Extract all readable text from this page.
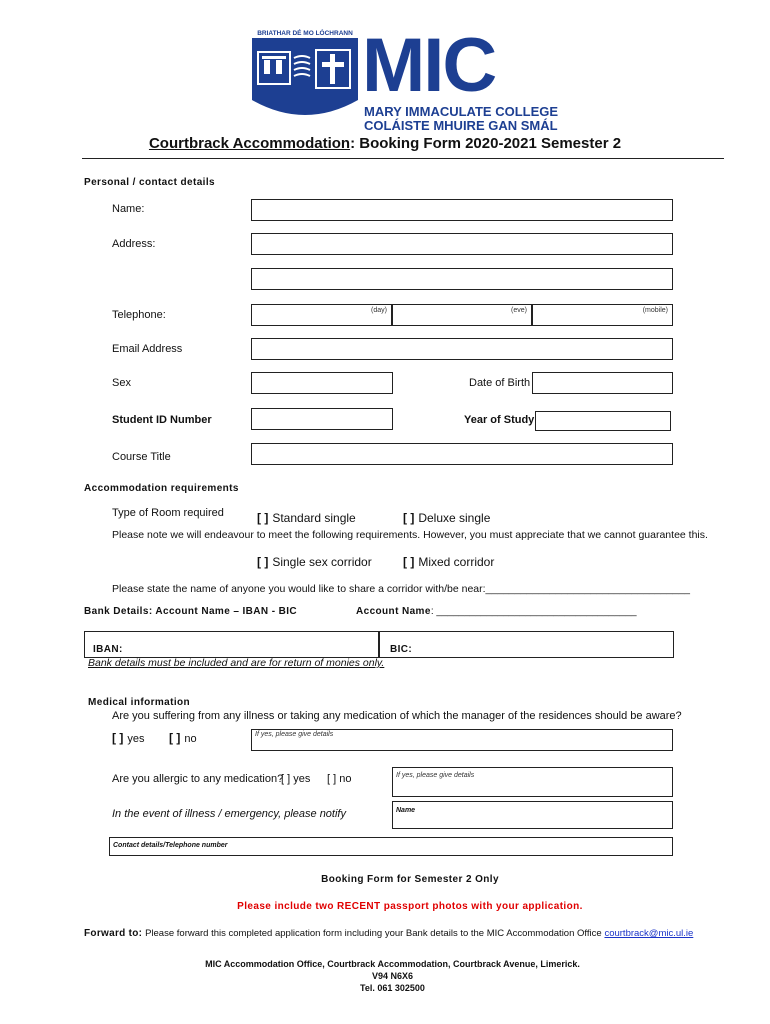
BRIATHAR DÉ MO LÓCHRANN MIC
MARY IMMACULATE COLLEGE
COLÁISTE MHUIRE GAN SMÁL
Courtbrack Accommodation: Booking Form 2020-2021 Semester 2
Personal / contact details
Name:
Address:
Telephone:	(day)	(eve)	(mobile)
Email Address
Sex	Date of Birth
Student ID Number	Year of Study
Course Title
Accommodation requirements
Type of Room required	[ ] Standard single	[ ] Deluxe single
Please note we will endeavour to meet the following requirements. However, you must appreciate that we cannot guarantee this.
[ ] Single sex corridor	[ ] Mixed corridor
Please state the name of anyone you would like to share a corridor with/be near:___________________________________
Bank Details: Account Name – IBAN - BIC	Account Name: ____________________________________
IBAN:	BIC:
Bank details must be included and are for return of monies only.
Medical information
Are you suffering from any illness or taking any medication of which the manager of the residences should be aware?
[ ] yes [ ] no	If yes, please give details
Are you allergic to any medication?
[ ] yes [ ] no	If yes, please give details
In the event of illness / emergency, please notify	Name
Contact details/Telephone number
Booking Form for Semester 2 Only
Please include two RECENT passport photos with your application.
Forward to: Please forward this completed application form including your Bank details to the MIC Accommodation Office courtbrack@mic.ul.ie
MIC Accommodation Office, Courtbrack Accommodation, Courtbrack Avenue, Limerick.
V94 N6X6
Tel. 061 302500
